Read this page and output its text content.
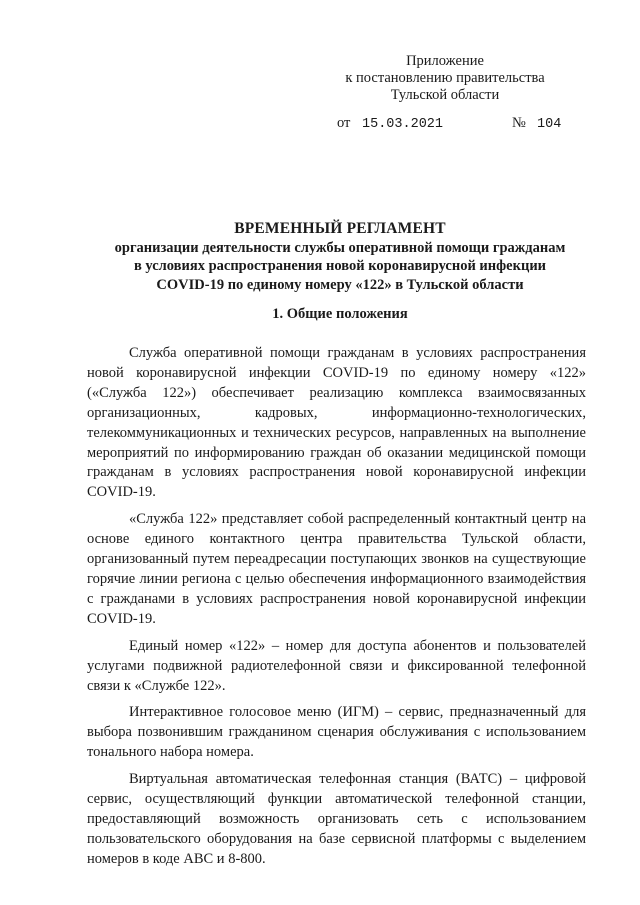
Приложение
к постановлению правительства
Тульской области
от 15.03.2021	№ 104
ВРЕМЕННЫЙ РЕГЛАМЕНТ
организации деятельности службы оперативной помощи гражданам
в условиях распространения новой коронавирусной инфекции
COVID-19 по единому номеру «122» в Тульской области
1. Общие положения

Служба оперативной помощи гражданам в условиях распространения новой коронавирусной инфекции COVID-19 по единому номеру «122» («Служба 122») обеспечивает реализацию комплекса взаимосвязанных организационных, кадровых, информационно-технологических, телекоммуникационных и технических ресурсов, направленных на выполнение мероприятий по информированию граждан об оказании медицинской помощи гражданам в условиях распространения новой коронавирусной инфекции COVID-19.

«Служба 122» представляет собой распределенный контактный центр на основе единого контактного центра правительства Тульской области, организованный путем переадресации поступающих звонков на существующие горячие линии региона с целью обеспечения информационного взаимодействия с гражданами в условиях распространения новой коронавирусной инфекции COVID-19.

Единый номер «122» – номер для доступа абонентов и пользователей услугами подвижной радиотелефонной связи и фиксированной телефонной связи к «Службе 122».

Интерактивное голосовое меню (ИГМ) – сервис, предназначенный для выбора позвонившим гражданином сценария обслуживания с использованием тонального набора номера.

Виртуальная автоматическая телефонная станция (ВАТС) – цифровой сервис, осуществляющий функции автоматической телефонной станции, предоставляющий возможность организовать сеть с использованием пользовательского оборудования на базе сервисной платформы с выделением номеров в коде АВС и 8-800.
